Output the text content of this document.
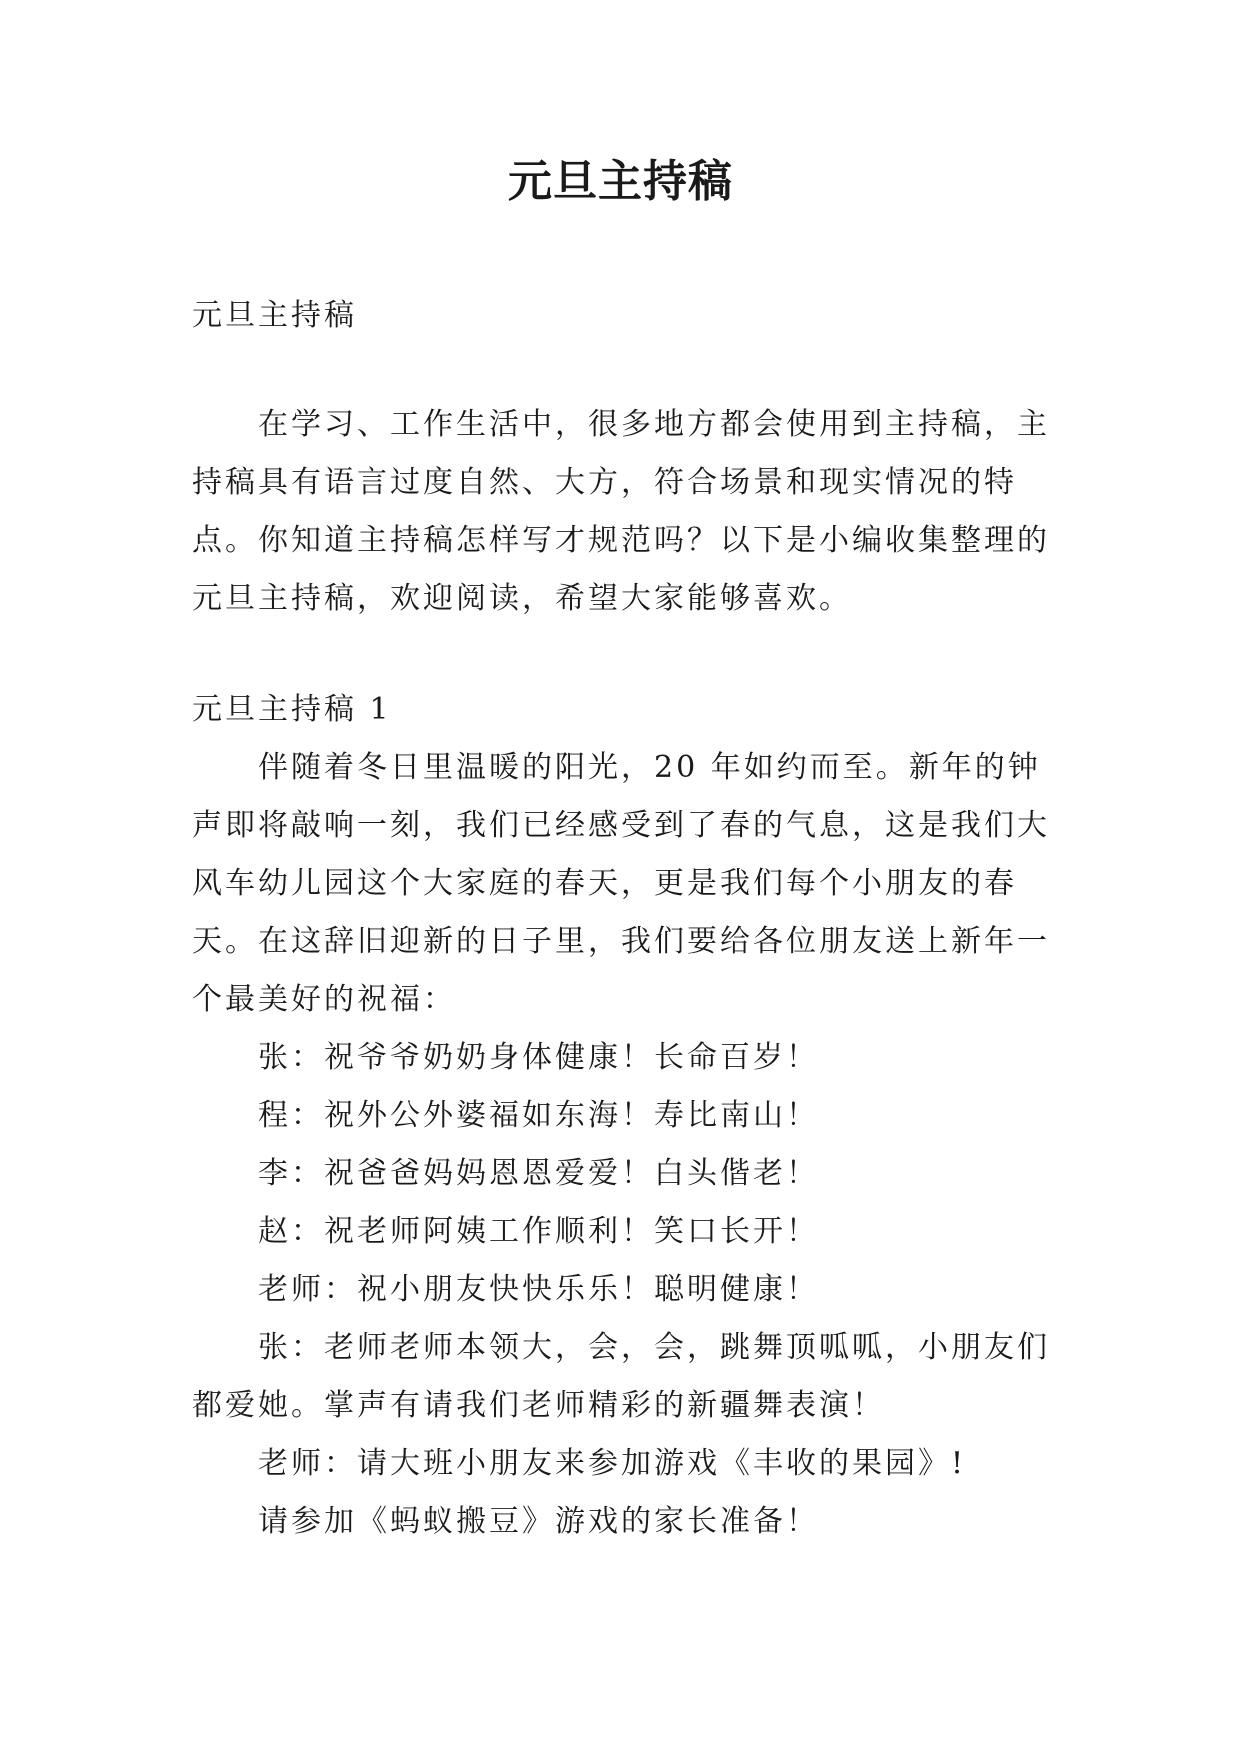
元旦主持稿

元旦主持稿

在学习、工作生活中，很多地方都会使用到主持稿，主持稿具有语言过度自然、大方，符合场景和现实情况的特点。你知道主持稿怎样写才规范吗？以下是小编收集整理的元旦主持稿，欢迎阅读，希望大家能够喜欢。

元旦主持稿 1

伴随着冬日里温暖的阳光，20 年如约而至。新年的钟声即将敲响一刻，我们已经感受到了春的气息，这是我们大风车幼儿园这个大家庭的春天，更是我们每个小朋友的春天。在这辞旧迎新的日子里，我们要给各位朋友送上新年一个最美好的祝福：

张：祝爷爷奶奶身体健康！长命百岁！

程：祝外公外婆福如东海！寿比南山！

李：祝爸爸妈妈恩恩爱爱！白头偕老！

赵：祝老师阿姨工作顺利！笑口长开！

老师：祝小朋友快快乐乐！聪明健康！

张：老师老师本领大，会，会，跳舞顶呱呱，小朋友们都爱她。掌声有请我们老师精彩的新疆舞表演！

老师：请大班小朋友来参加游戏《丰收的果园》!

请参加《蚂蚁搬豆》游戏的家长准备！
